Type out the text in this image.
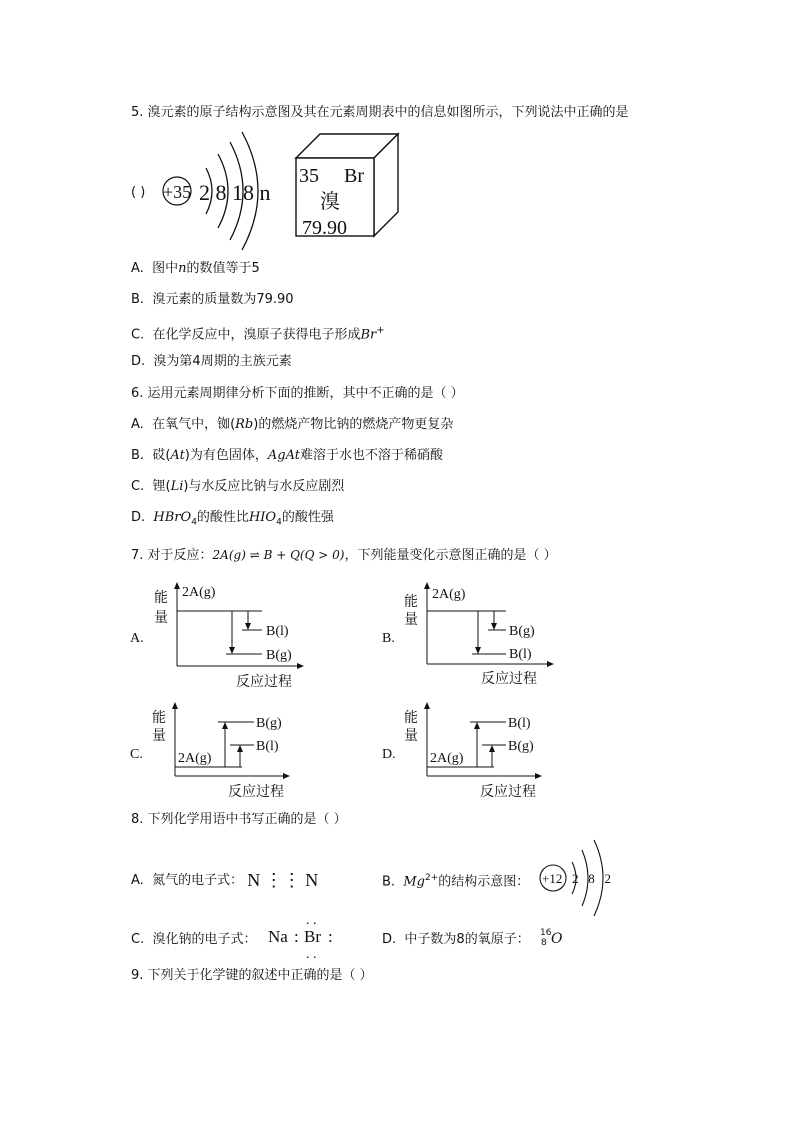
5. 溴元素的原子结构示意图及其在元素周期表中的信息如图所示，下列说法中正确的是
( ) +35 2 8 18 n
35 Br
溴
79.90
A. 图中n的数值等于5
B. 溴元素的质量数为79.90
C. 在化学反应中，溴原子获得电子形成Br+
D. 溴为第4周期的主族元素
6. 运用元素周期律分析下面的推断，其中不正确的是（ ）
A. 在氧气中，铷(Rb)的燃烧产物比钠的燃烧产物更复杂
B. 砹(At)为有色固体，AgAt难溶于水也不溶于稀硝酸
C. 锂(Li)与水反应比钠与水反应剧烈
D. HBrO$_4$的酸性比$HIO_4$的酸性强
7. 对于反应：2A(g) ⇌ B + Q(Q > 0)，下列能量变化示意图正确的是（ ）
A.
能
量
2A(g)
B(l)
B(g)
反应过程
B.
能
量
2A(g)
B(g)
B(l)
反应过程
C.
能
量
2A(g)
B(g)
B(l)
反应过程
D.
能
量
2A(g)
B(l)
B(g)
反应过程
8. 下列化学用语中书写正确的是（ ）
A. 氮气的电子式： N ⋮⋮ N	B. $Mg^{2+}$的结构示意图： +12 2   8   2
C. 溴化钠的电子式： Na : Br :
. .
. .
D. 中子数为8的氧原子： 16
8 O
9. 下列关于化学键的叙述中正确的是（ ）
